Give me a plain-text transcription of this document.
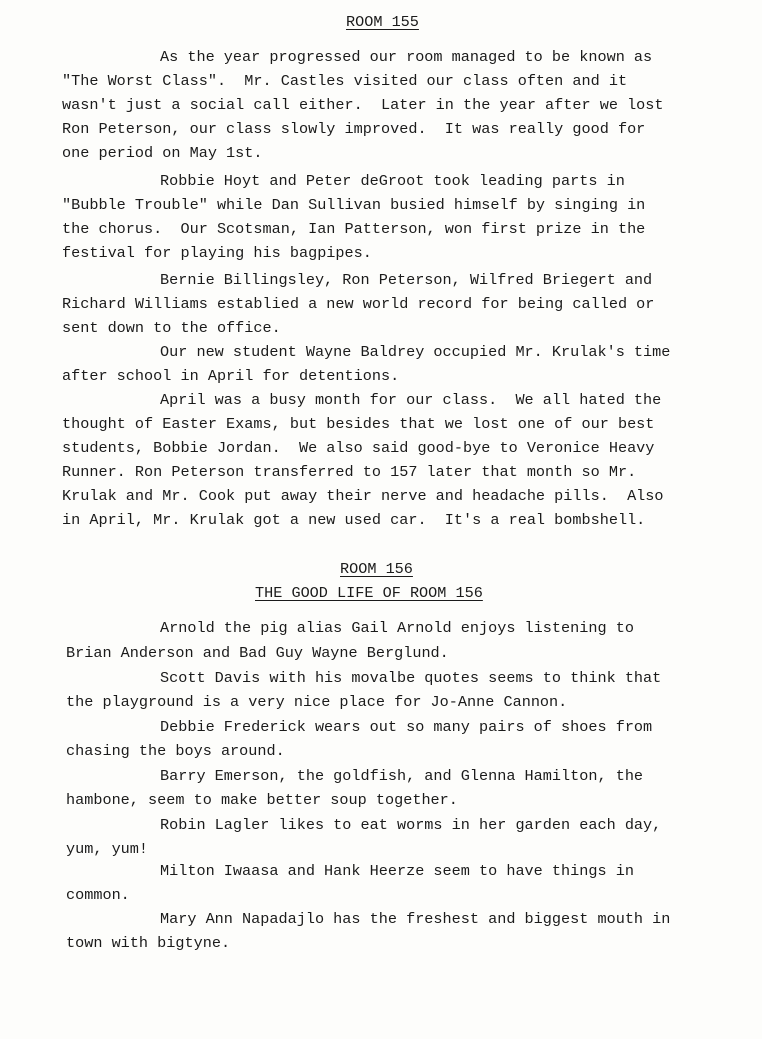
ROOM 155
As the year progressed our room managed to be known as
"The Worst Class".  Mr. Castles visited our class often and it
wasn't just a social call either.  Later in the year after we lost
Ron Peterson, our class slowly improved.  It was really good for
one period on May 1st.
Robbie Hoyt and Peter deGroot took leading parts in
"Bubble Trouble" while Dan Sullivan busied himself by singing in
the chorus.  Our Scotsman, Ian Patterson, won first prize in the
festival for playing his bagpipes.
Bernie Billingsley, Ron Peterson, Wilfred Briegert and
Richard Williams establied a new world record for being called or
sent down to the office.
Our new student Wayne Baldrey occupied Mr. Krulak's time
after school in April for detentions.
April was a busy month for our class.  We all hated the
thought of Easter Exams, but besides that we lost one of our best
students, Bobbie Jordan.  We also said good-bye to Veronice Heavy
Runner. Ron Peterson transferred to 157 later that month so Mr.
Krulak and Mr. Cook put away their nerve and headache pills.  Also
in April, Mr. Krulak got a new used car.  It's a real bombshell.
ROOM 156
THE GOOD LIFE OF ROOM 156
Arnold the pig alias Gail Arnold enjoys listening to
Brian Anderson and Bad Guy Wayne Berglund.
Scott Davis with his movalbe quotes seems to think that
the playground is a very nice place for Jo-Anne Cannon.
Debbie Frederick wears out so many pairs of shoes from
chasing the boys around.
Barry Emerson, the goldfish, and Glenna Hamilton, the
hambone, seem to make better soup together.
Robin Lagler likes to eat worms in her garden each day,
yum, yum!
Milton Iwaasa and Hank Heerze seem to have things in
common.
Mary Ann Napadajlo has the freshest and biggest mouth in
town with bigtyne.
